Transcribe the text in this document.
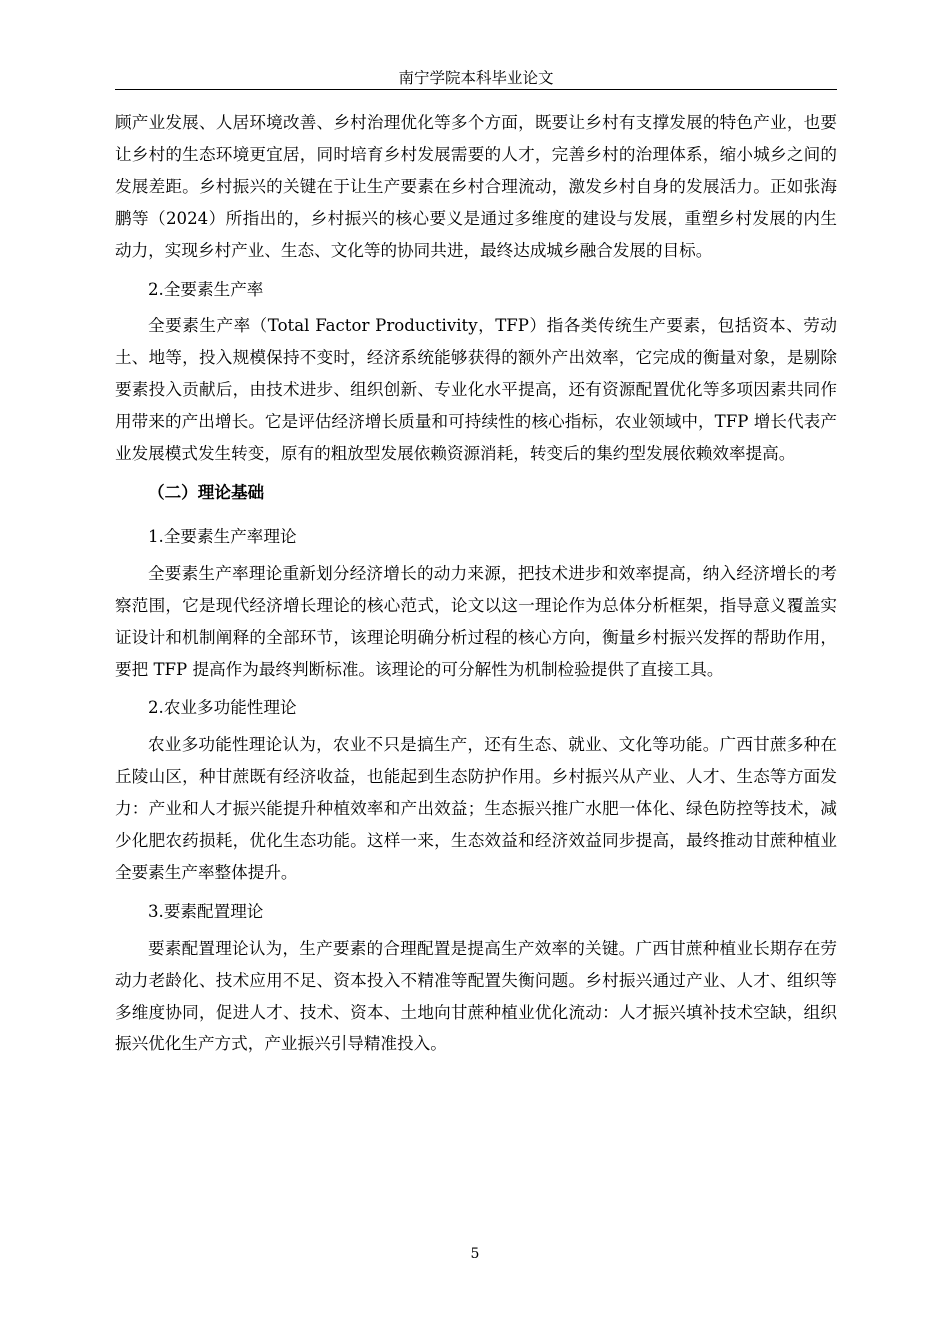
南宁学院本科毕业论文

顾产业发展、人居环境改善、乡村治理优化等多个方面，既要让乡村有支撑发展的特色产业，也要让乡村的生态环境更宜居，同时培育乡村发展需要的人才，完善乡村的治理体系，缩小城乡之间的发展差距。乡村振兴的关键在于让生产要素在乡村合理流动，激发乡村自身的发展活力。正如张海鹏等（2024）所指出的，乡村振兴的核心要义是通过多维度的建设与发展，重塑乡村发展的内生动力，实现乡村产业、生态、文化等的协同共进，最终达成城乡融合发展的目标。

2.全要素生产率

全要素生产率（Total Factor Productivity，TFP）指各类传统生产要素，包括资本、劳动土、地等，投入规模保持不变时，经济系统能够获得的额外产出效率，它完成的衡量对象，是剔除要素投入贡献后，由技术进步、组织创新、专业化水平提高，还有资源配置优化等多项因素共同作用带来的产出增长。它是评估经济增长质量和可持续性的核心指标，农业领域中，TFP 增长代表产业发展模式发生转变，原有的粗放型发展依赖资源消耗，转变后的集约型发展依赖效率提高。

（二）理论基础
1.全要素生产率理论

全要素生产率理论重新划分经济增长的动力来源，把技术进步和效率提高，纳入经济增长的考察范围，它是现代经济增长理论的核心范式，论文以这一理论作为总体分析框架，指导意义覆盖实证设计和机制阐释的全部环节，该理论明确分析过程的核心方向，衡量乡村振兴发挥的帮助作用，要把 TFP 提高作为最终判断标准。该理论的可分解性为机制检验提供了直接工具。

2.农业多功能性理论

农业多功能性理论认为，农业不只是搞生产，还有生态、就业、文化等功能。广西甘蔗多种在丘陵山区，种甘蔗既有经济收益，也能起到生态防护作用。乡村振兴从产业、人才、生态等方面发力：产业和人才振兴能提升种植效率和产出效益；生态振兴推广水肥一体化、绿色防控等技术，减少化肥农药损耗，优化生态功能。这样一来，生态效益和经济效益同步提高，最终推动甘蔗种植业全要素生产率整体提升。

3.要素配置理论

要素配置理论认为，生产要素的合理配置是提高生产效率的关键。广西甘蔗种植业长期存在劳动力老龄化、技术应用不足、资本投入不精准等配置失衡问题。乡村振兴通过产业、人才、组织等多维度协同，促进人才、技术、资本、土地向甘蔗种植业优化流动：人才振兴填补技术空缺，组织振兴优化生产方式，产业振兴引导精准投入。

5
